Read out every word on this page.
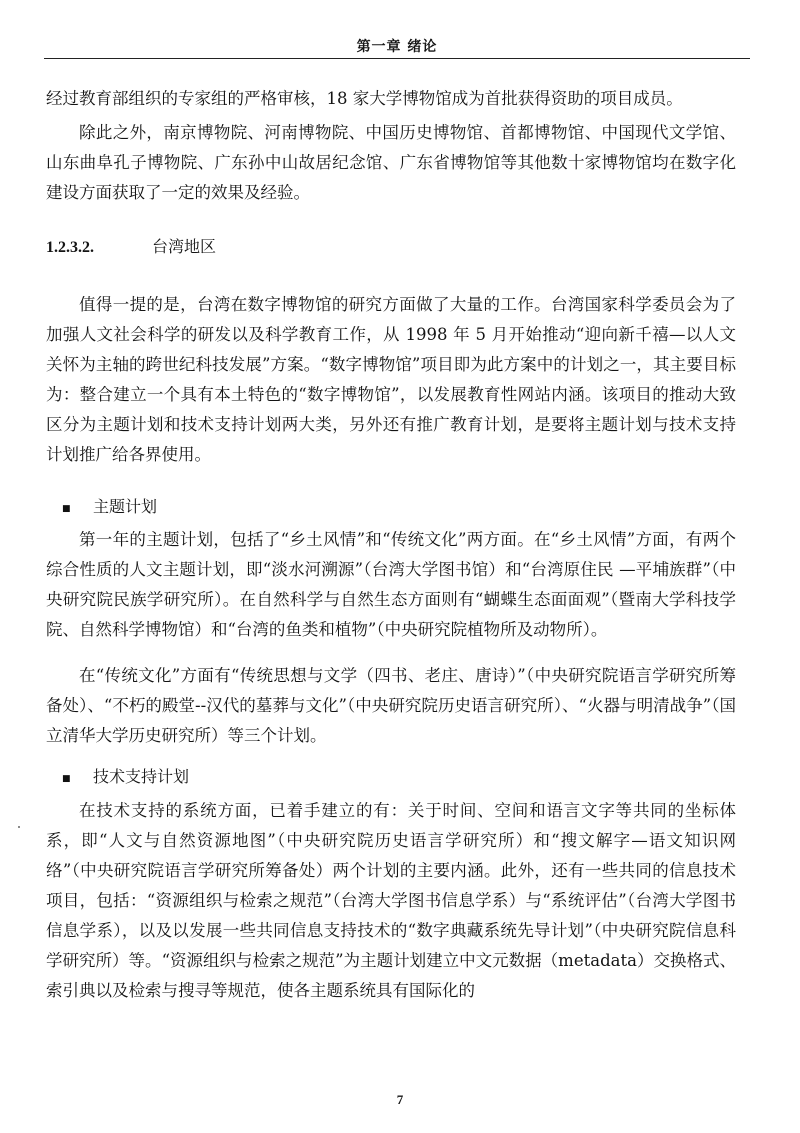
第一章 绪论

经过教育部组织的专家组的严格审核，18 家大学博物馆成为首批获得资助的项目成员。

除此之外，南京博物院、河南博物院、中国历史博物馆、首都博物馆、中国现代文学馆、山东曲阜孔子博物院、广东孙中山故居纪念馆、广东省博物馆等其他数十家博物馆均在数字化建设方面获取了一定的效果及经验。

1.2.3.2.	台湾地区

值得一提的是，台湾在数字博物馆的研究方面做了大量的工作。台湾国家科学委员会为了加强人文社会科学的研发以及科学教育工作，从 1998 年 5 月开始推动“迎向新千禧—以人文关怀为主轴的跨世纪科技发展”方案。“数字博物馆”项目即为此方案中的计划之一，其主要目标为：整合建立一个具有本土特色的“数字博物馆”，以发展教育性网站内涵。该项目的推动大致区分为主题计划和技术支持计划两大类，另外还有推广教育计划，是要将主题计划与技术支持计划推广给各界使用。

■ 主题计划

第一年的主题计划，包括了“乡土风情”和“传统文化”两方面。在“乡土风情”方面，有两个综合性质的人文主题计划，即“淡水河溯源”（台湾大学图书馆）和“台湾原住民 —平埔族群”（中央研究院民族学研究所）。在自然科学与自然生态方面则有“蝴蝶生态面面观”（暨南大学科技学院、自然科学博物馆）和“台湾的鱼类和植物”（中央研究院植物所及动物所）。

在“传统文化”方面有“传统思想与文学（四书、老庄、唐诗）”（中央研究院语言学研究所筹备处）、“不朽的殿堂--汉代的墓葬与文化”（中央研究院历史语言研究所）、“火器与明清战争”（国立清华大学历史研究所）等三个计划。

■ 技术支持计划

在技术支持的系统方面，已着手建立的有：关于时间、空间和语言文字等共同的坐标体系，即“人文与自然资源地图”（中央研究院历史语言学研究所）和“搜文解字—语文知识网络”（中央研究院语言学研究所筹备处）两个计划的主要内涵。此外，还有一些共同的信息技术项目，包括：“资源组织与检索之规范”（台湾大学图书信息学系）与“系统评估”（台湾大学图书信息学系），以及以发展一些共同信息支持技术的“数字典藏系统先导计划”（中央研究院信息科学研究所）等。“资源组织与检索之规范”为主题计划建立中文元数据（metadata）交换格式、索引典以及检索与搜寻等规范，使各主题系统具有国际化的

7
